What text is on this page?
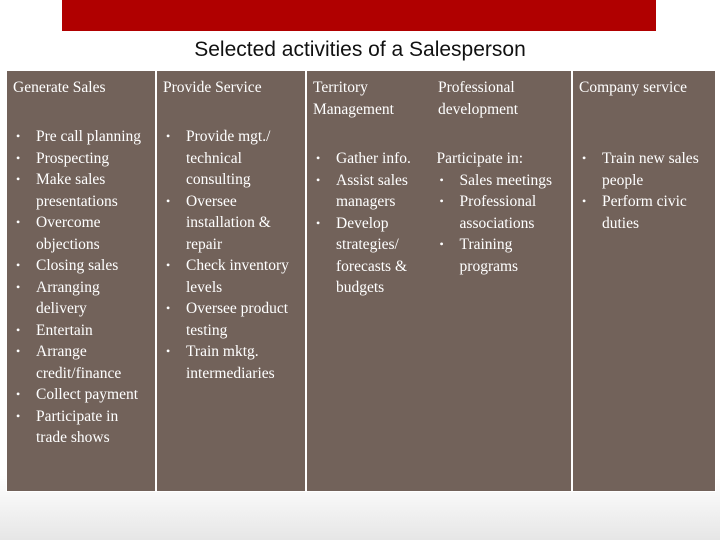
Selected activities of a Salesperson
Generate Sales
• Pre call planning
• Prospecting
• Make sales presentations
• Overcome objections
• Closing sales
• Arranging delivery
• Entertain
• Arrange credit/finance
• Collect payment
• Participate in trade shows
Provide Service
• Provide mgt./ technical consulting
• Oversee installation & repair
• Check inventory levels
• Oversee product testing
• Train mktg. intermediaries
Territory Management
Professional development
• Gather info.
• Assist sales managers
• Develop strategies/ forecasts & budgets
Participate in:
• Sales meetings
• Professional associations
• Training programs
Company service
• Train new sales people
• Perform civic duties
